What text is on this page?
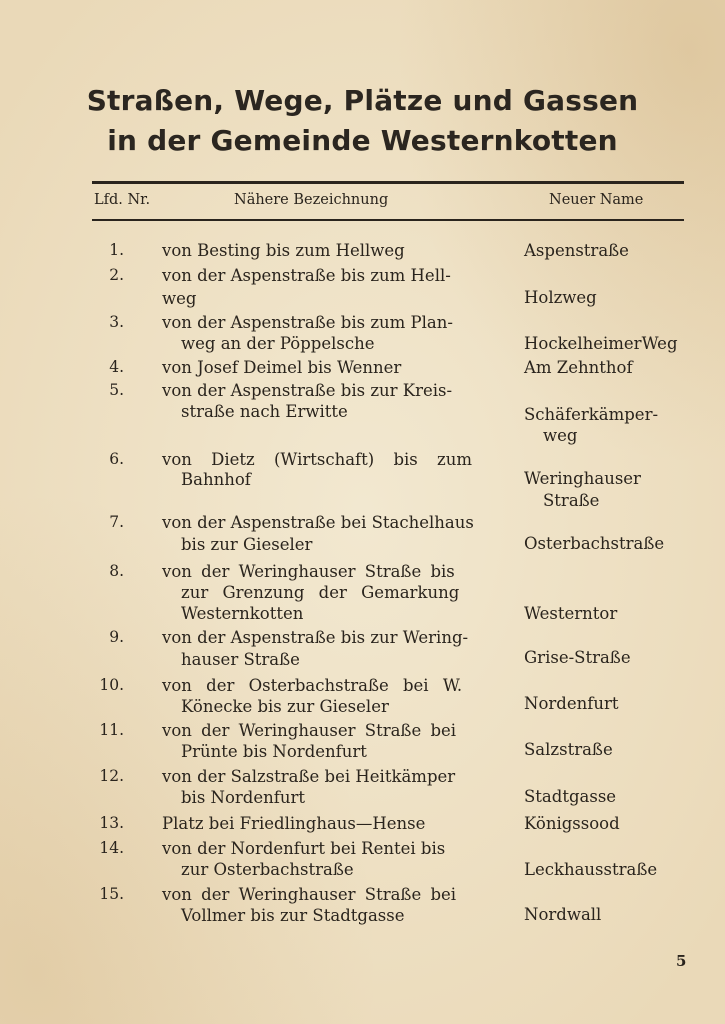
Straßen, Wege, Plätze und Gassen
in der Gemeinde Westernkotten
Lfd. Nr.	Nähere Bezeichnung	Neuer Name
1. von Besting bis zum Hellweg	Aspenstraße
2. von der Aspenstraße bis zum Hell-
weg	Holzweg
3. von der Aspenstraße bis zum Plan-
weg an der Pöppelsche	HockelheimerWeg
4. von Josef Deimel bis Wenner	Am Zehnthof
5. von der Aspenstraße bis zur Kreis-
straße nach Erwitte	Schäferkämper-
weg
6. von Dietz (Wirtschaft) bis zum
Bahnhof	Weringhauser
Straße
7. von der Aspenstraße bei Stachelhaus
bis zur Gieseler	Osterbachstraße
8. von der Weringhauser Straße bis
zur Grenzung der Gemarkung
Westernkotten	Westerntor
9. von der Aspenstraße bis zur Wering-
hauser Straße	Grise-Straße
10. von der Osterbachstraße bei W.
Könecke bis zur Gieseler	Nordenfurt
11. von der Weringhauser Straße bei
Prünte bis Nordenfurt	Salzstraße
12. von der Salzstraße bei Heitkämper
bis Nordenfurt	Stadtgasse
13. Platz bei Friedlinghaus—Hense	Königssood
14. von der Nordenfurt bei Rentei bis
zur Osterbachstraße	Leckhausstraße
15. von der Weringhauser Straße bei
Vollmer bis zur Stadtgasse	Nordwall
5
